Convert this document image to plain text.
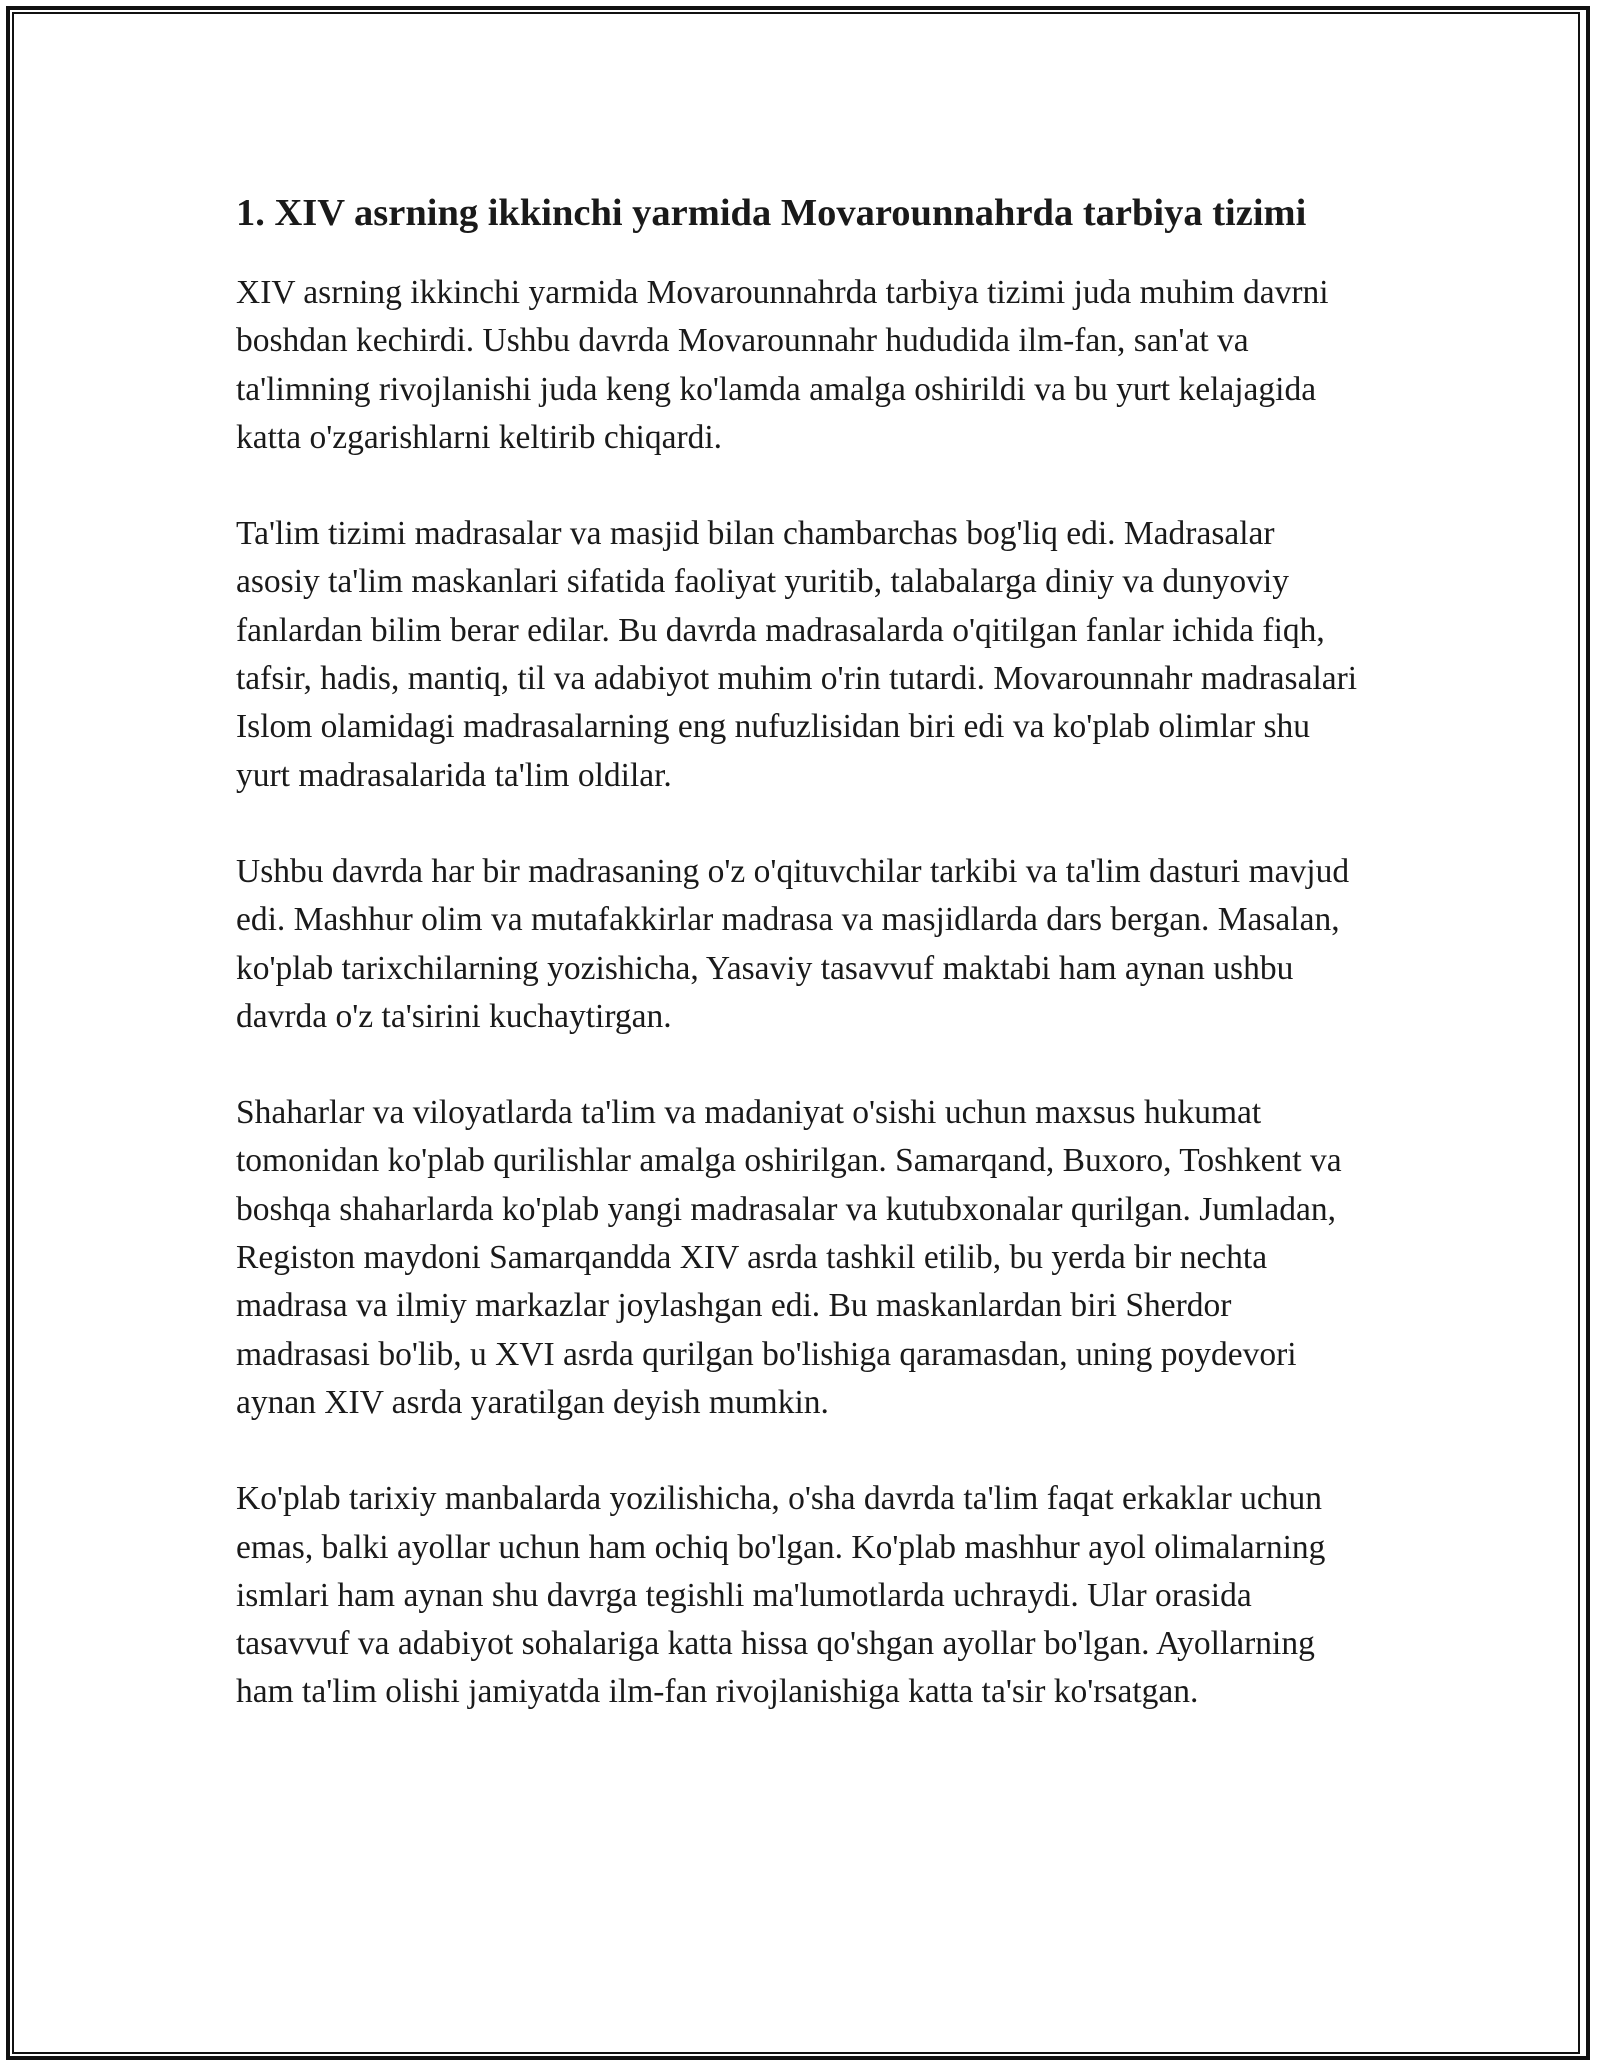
1. XIV asrning ikkinchi yarmida Movarounnahrda tarbiya tizimi

XIV asrning ikkinchi yarmida Movarounnahrda tarbiya tizimi juda muhim davrni boshdan kechirdi. Ushbu davrda Movarounnahr hududida ilm-fan, san'at va ta'limning rivojlanishi juda keng ko'lamda amalga oshirildi va bu yurt kelajagida katta o'zgarishlarni keltirib chiqardi.

Ta'lim tizimi madrasalar va masjid bilan chambarchas bog'liq edi. Madrasalar asosiy ta'lim maskanlari sifatida faoliyat yuritib, talabalarga diniy va dunyoviy fanlardan bilim berar edilar. Bu davrda madrasalarda o'qitilgan fanlar ichida fiqh, tafsir, hadis, mantiq, til va adabiyot muhim o'rin tutardi. Movarounnahr madrasalari Islom olamidagi madrasalarning eng nufuzlisidan biri edi va ko'plab olimlar shu yurt madrasalarida ta'lim oldilar.

Ushbu davrda har bir madrasaning o'z o'qituvchilar tarkibi va ta'lim dasturi mavjud edi. Mashhur olim va mutafakkirlar madrasa va masjidlarda dars bergan. Masalan, ko'plab tarixchilarning yozishicha, Yasaviy tasavvuf maktabi ham aynan ushbu davrda o'z ta'sirini kuchaytirgan.

Shaharlar va viloyatlarda ta'lim va madaniyat o'sishi uchun maxsus hukumat tomonidan ko'plab qurilishlar amalga oshirilgan. Samarqand, Buxoro, Toshkent va boshqa shaharlarda ko'plab yangi madrasalar va kutubxonalar qurilgan. Jumladan, Registon maydoni Samarqandda XIV asrda tashkil etilib, bu yerda bir nechta madrasa va ilmiy markazlar joylashgan edi. Bu maskanlardan biri Sherdor madrasasi bo'lib, u XVI asrda qurilgan bo'lishiga qaramasdan, uning poydevori aynan XIV asrda yaratilgan deyish mumkin.

Ko'plab tarixiy manbalarda yozilishicha, o'sha davrda ta'lim faqat erkaklar uchun emas, balki ayollar uchun ham ochiq bo'lgan. Ko'plab mashhur ayol olimalarning ismlari ham aynan shu davrga tegishli ma'lumotlarda uchraydi. Ular orasida tasavvuf va adabiyot sohalariga katta hissa qo'shgan ayollar bo'lgan. Ayollarning ham ta'lim olishi jamiyatda ilm-fan rivojlanishiga katta ta'sir ko'rsatgan.
